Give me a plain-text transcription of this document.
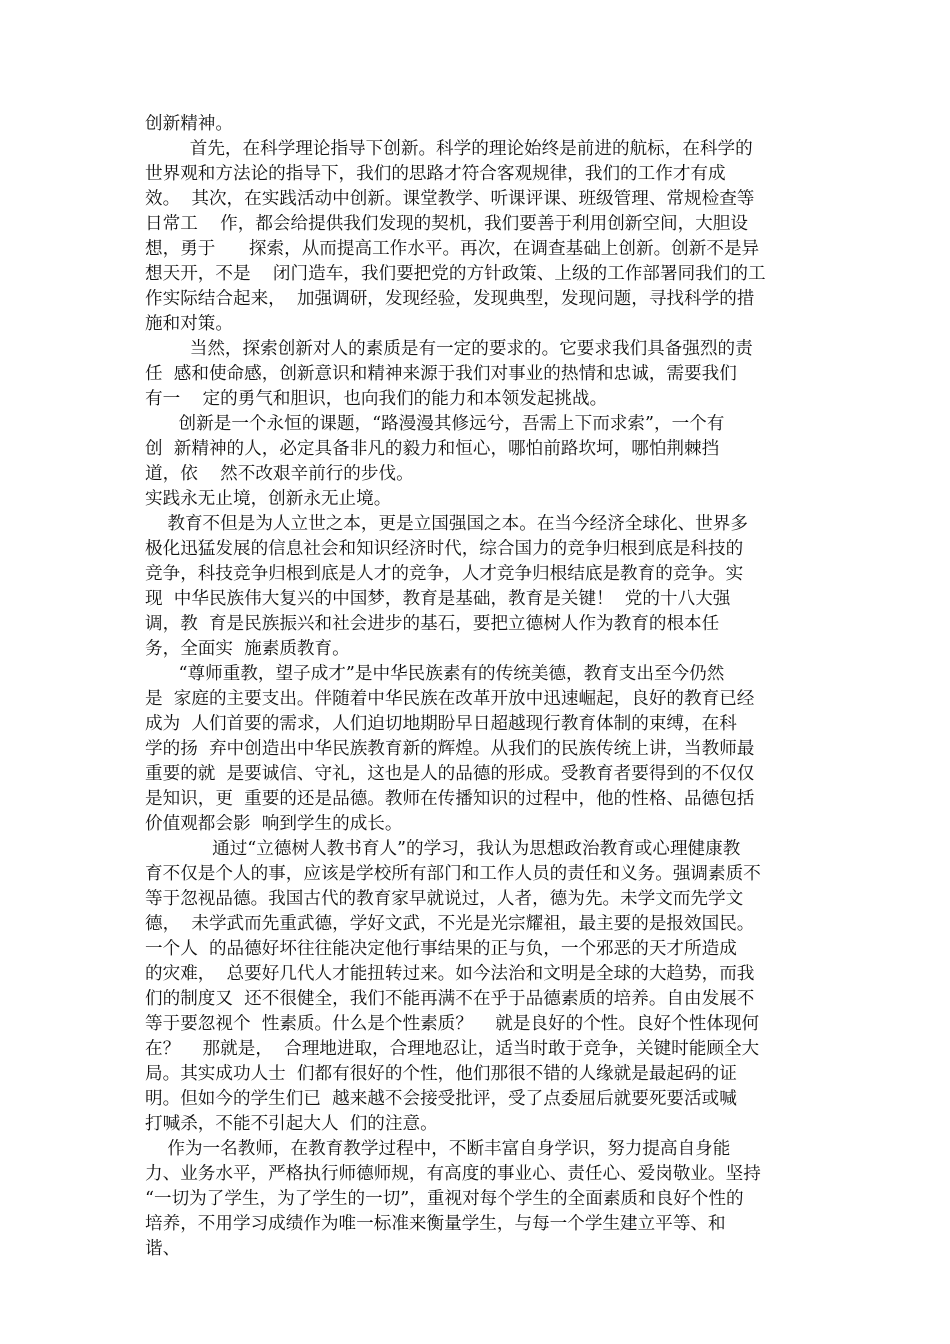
创新精神。
首先，在科学理论指导下创新。科学的理论始终是前进的航标，在科学的
世界观和方法论的指导下，我们的思路才符合客观规律，我们的工作才有成
效。  其次，在实践活动中创新。课堂教学、听课评课、班级管理、常规检查等
日常工    作，都会给提供我们发现的契机，我们要善于利用创新空间，大胆设
想，勇于      探索，从而提高工作水平。再次，在调查基础上创新。创新不是异
想天开，不是    闭门造车，我们要把党的方针政策、上级的工作部署同我们的工
作实际结合起来，  加强调研，发现经验，发现典型，发现问题，寻找科学的措
施和对策。
当然，探索创新对人的素质是有一定的要求的。它要求我们具备强烈的责
任  感和使命感，创新意识和精神来源于我们对事业的热情和忠诚，需要我们
有一    定的勇气和胆识，也向我们的能力和本领发起挑战。
创新是一个永恒的课题，“路漫漫其修远兮，吾需上下而求索”，一个有
创  新精神的人，必定具备非凡的毅力和恒心，哪怕前路坎坷，哪怕荆棘挡
道，依    然不改艰辛前行的步伐。
实践永无止境，创新永无止境。
教育不但是为人立世之本，更是立国强国之本。在当今经济全球化、世界多
极化迅猛发展的信息社会和知识经济时代，综合国力的竞争归根到底是科技的
竞争，科技竞争归根到底是人才的竞争，人才竞争归根结底是教育的竞争。实
现  中华民族伟大复兴的中国梦，教育是基础，教育是关键！  党的十八大强
调，教  育是民族振兴和社会进步的基石，要把立德树人作为教育的根本任
务，全面实  施素质教育。
“尊师重教，望子成才”是中华民族素有的传统美德，教育支出至今仍然
是  家庭的主要支出。伴随着中华民族在改革开放中迅速崛起，良好的教育已经
成为  人们首要的需求，人们迫切地期盼早日超越现行教育体制的束缚，在科
学的扬  弃中创造出中华民族教育新的辉煌。从我们的民族传统上讲，当教师最
重要的就  是要诚信、守礼，这也是人的品德的形成。受教育者要得到的不仅仅
是知识，更  重要的还是品德。教师在传播知识的过程中，他的性格、品德包括
价值观都会影  响到学生的成长。
通过“立德树人教书育人”的学习，我认为思想政治教育或心理健康教
育不仅是个人的事，应该是学校所有部门和工作人员的责任和义务。强调素质不
等于忽视品德。我国古代的教育家早就说过，人者，德为先。未学文而先学文
德，  未学武而先重武德，学好文武，不光是光宗耀祖，最主要的是报效国民。
一个人  的品德好坏往往能决定他行事结果的正与负，一个邪恶的天才所造成
的灾难，  总要好几代人才能扭转过来。如今法治和文明是全球的大趋势，而我
们的制度又  还不很健全，我们不能再满不在乎于品德素质的培养。自由发展不
等于要忽视个  性素质。什么是个性素质？    就是良好的个性。良好个性体现何
在？    那就是，  合理地进取，合理地忍让，适当时敢于竞争，关键时能顾全大
局。其实成功人士  们都有很好的个性，他们那很不错的人缘就是最起码的证
明。但如今的学生们已  越来越不会接受批评，受了点委屈后就要死要活或喊
打喊杀，不能不引起大人  们的注意。
作为一名教师，在教育教学过程中，不断丰富自身学识，努力提高自身能
力、业务水平，严格执行师德师规，有高度的事业心、责任心、爱岗敬业。坚持
“一切为了学生，为了学生的一切”，重视对每个学生的全面素质和良好个性的
培养，不用学习成绩作为唯一标准来衡量学生，与每一个学生建立平等、和
谐、
